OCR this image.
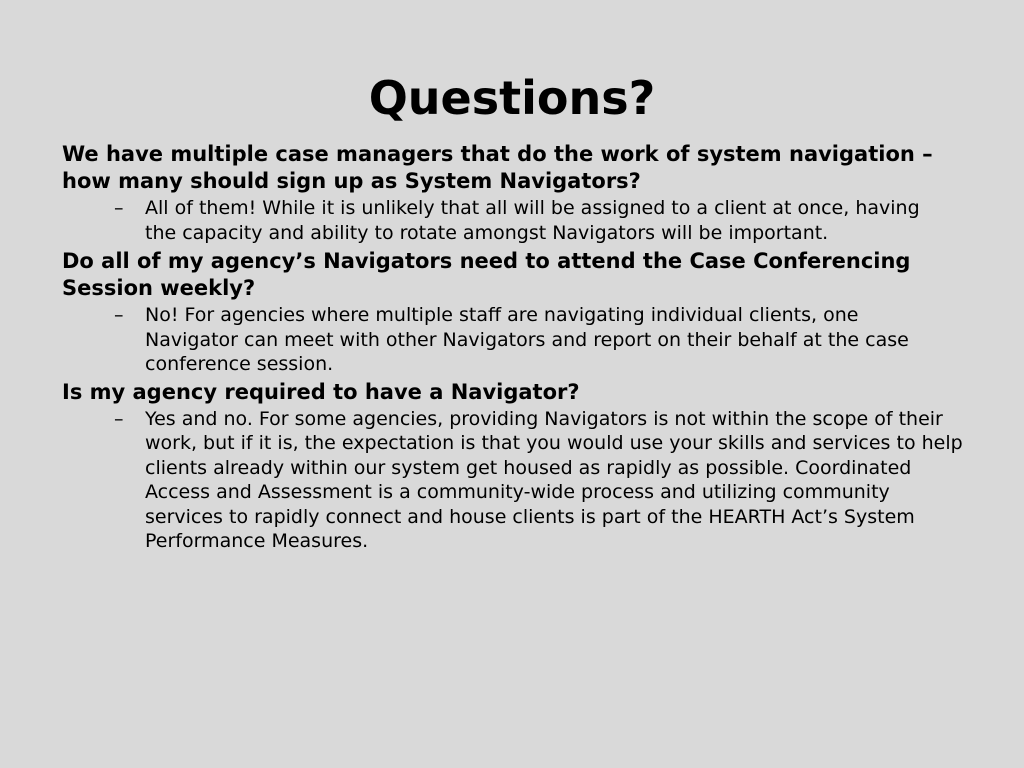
Questions?

We have multiple case managers that do the work of system navigation – how many should sign up as System Navigators?

– All of them! While it is unlikely that all will be assigned to a client at once, having the capacity and ability to rotate amongst Navigators will be important.

Do all of my agency’s Navigators need to attend the Case Conferencing Session weekly?

– No! For agencies where multiple staff are navigating individual clients, one Navigator can meet with other Navigators and report on their behalf at the case conference session.

Is my agency required to have a Navigator?

– Yes and no. For some agencies, providing Navigators is not within the scope of their work, but if it is, the expectation is that you would use your skills and services to help clients already within our system get housed as rapidly as possible. Coordinated Access and Assessment is a community-wide process and utilizing community services to rapidly connect and house clients is part of the HEARTH Act’s System Performance Measures.
